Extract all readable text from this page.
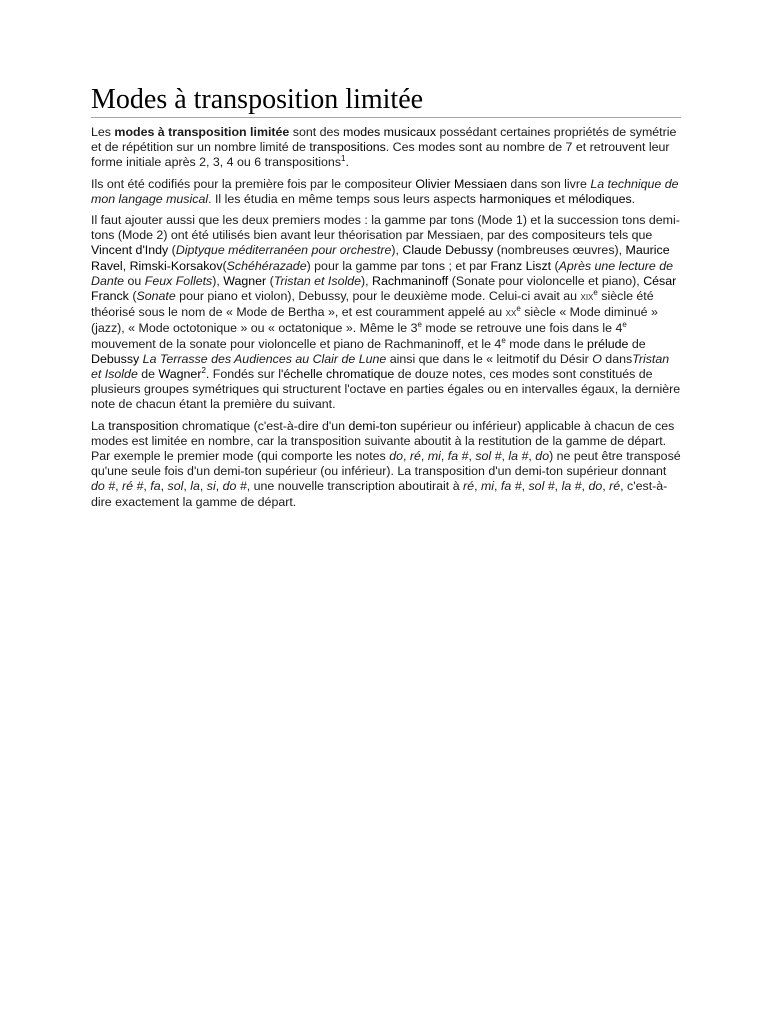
Modes à transposition limitée

Les modes à transposition limitée sont des modes musicaux possédant certaines propriétés de symétrie et de répétition sur un nombre limité de transpositions. Ces modes sont au nombre de 7 et retrouvent leur forme initiale après 2, 3, 4 ou 6 transpositions$^1$.

Ils ont été codifiés pour la première fois par le compositeur Olivier Messiaen dans son livre La technique de mon langage musical. Il les étudia en même temps sous leurs aspects harmoniques et mélodiques.

Il faut ajouter aussi que les deux premiers modes : la gamme par tons (Mode 1) et la succession tons demi-tons (Mode 2) ont été utilisés bien avant leur théorisation par Messiaen, par des compositeurs tels que Vincent d'Indy (Diptyque méditerranéen pour orchestre), Claude Debussy (nombreuses œuvres), Maurice Ravel, Rimski-Korsakov(Schéhérazade) pour la gamme par tons ; et par Franz Liszt (Après une lecture de Dante ou Feux Follets), Wagner (Tristan et Isolde), Rachmaninoff (Sonate pour violoncelle et piano), César Franck (Sonate pour piano et violon), Debussy, pour le deuxième mode. Celui-ci avait au xix$^e$ siècle été théorisé sous le nom de « Mode de Bertha », et est couramment appelé au $xx^e$ siècle « Mode diminué » (jazz), « Mode octotonique » ou « octatonique ». Même le 3e mode se retrouve une fois dans le 4e mouvement de la sonate pour violoncelle et piano de Rachmaninoff, et le 4e mode dans le prélude de Debussy La Terrasse des Audiences au Clair de Lune ainsi que dans le « leitmotif du Désir O dansTristan et Isolde de Wagner$^2$. Fondés sur l'échelle chromatique de douze notes, ces modes sont constitués de plusieurs groupes symétriques qui structurent l'octave en parties égales ou en intervalles égaux, la dernière note de chacun étant la première du suivant.

La transposition chromatique (c'est-à-dire d'un demi-ton supérieur ou inférieur) applicable à chacun de ces modes est limitée en nombre, car la transposition suivante aboutit à la restitution de la gamme de départ. Par exemple le premier mode (qui comporte les notes do, ré, mi, fa #, sol #, la #, do) ne peut être transposé qu'une seule fois d'un demi-ton supérieur (ou inférieur). La transposition d'un demi-ton supérieur donnant do #, ré #, fa, sol, la, si, do #, une nouvelle transcription aboutirait à ré, mi, fa #, sol #, la #, do, ré, c'est-à-dire exactement la gamme de départ.
